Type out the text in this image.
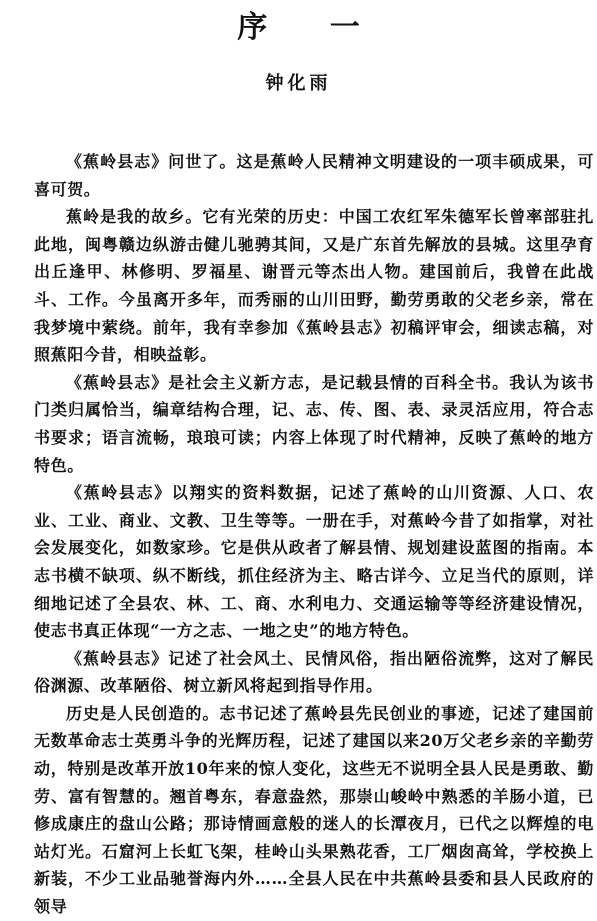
序 一
钟化雨

《蕉岭县志》问世了。这是蕉岭人民精神文明建设的一项丰硕成果，可喜可贺。

蕉岭是我的故乡。它有光荣的历史：中国工农红军朱德军长曾率部驻扎此地，闽粤赣边纵游击健儿驰骋其间，又是广东首先解放的县城。这里孕育出丘逢甲、林修明、罗福星、谢晋元等杰出人物。建国前后，我曾在此战斗、工作。今虽离开多年，而秀丽的山川田野，勤劳勇敢的父老乡亲，常在我梦境中萦绕。前年，我有幸参加《蕉岭县志》初稿评审会，细读志稿，对照蕉阳今昔，相映益彰。

《蕉岭县志》是社会主义新方志，是记载县情的百科全书。我认为该书门类归属恰当，编章结构合理，记、志、传、图、表、录灵活应用，符合志书要求；语言流畅，琅琅可读；内容上体现了时代精神，反映了蕉岭的地方特色。

《蕉岭县志》以翔实的资料数据，记述了蕉岭的山川资源、人口、农业、工业、商业、文教、卫生等等。一册在手，对蕉岭今昔了如指掌，对社会发展变化，如数家珍。它是供从政者了解县情、规划建设蓝图的指南。本志书横不缺项、纵不断线，抓住经济为主、略古详今、立足当代的原则，详细地记述了全县农、林、工、商、水利电力、交通运输等等经济建设情况，使志书真正体现“一方之志、一地之史”的地方特色。

《蕉岭县志》记述了社会风土、民情风俗，指出陋俗流弊，这对了解民俗渊源、改革陋俗、树立新风将起到指导作用。

历史是人民创造的。志书记述了蕉岭县先民创业的事迹，记述了建国前无数革命志士英勇斗争的光辉历程，记述了建国以来20万父老乡亲的辛勤劳动，特别是改革开放10年来的惊人变化，这些无不说明全县人民是勇敢、勤劳、富有智慧的。翘首粤东，春意盎然，那崇山峻岭中熟悉的羊肠小道，已修成康庄的盘山公路；那诗情画意般的迷人的长潭夜月，已代之以辉煌的电站灯光。石窟河上长虹飞架，桂岭山头果熟花香，工厂烟囱高耸，学校换上新装，不少工业品驰誉海内外……全县人民在中共蕉岭县委和县人民政府的领导
